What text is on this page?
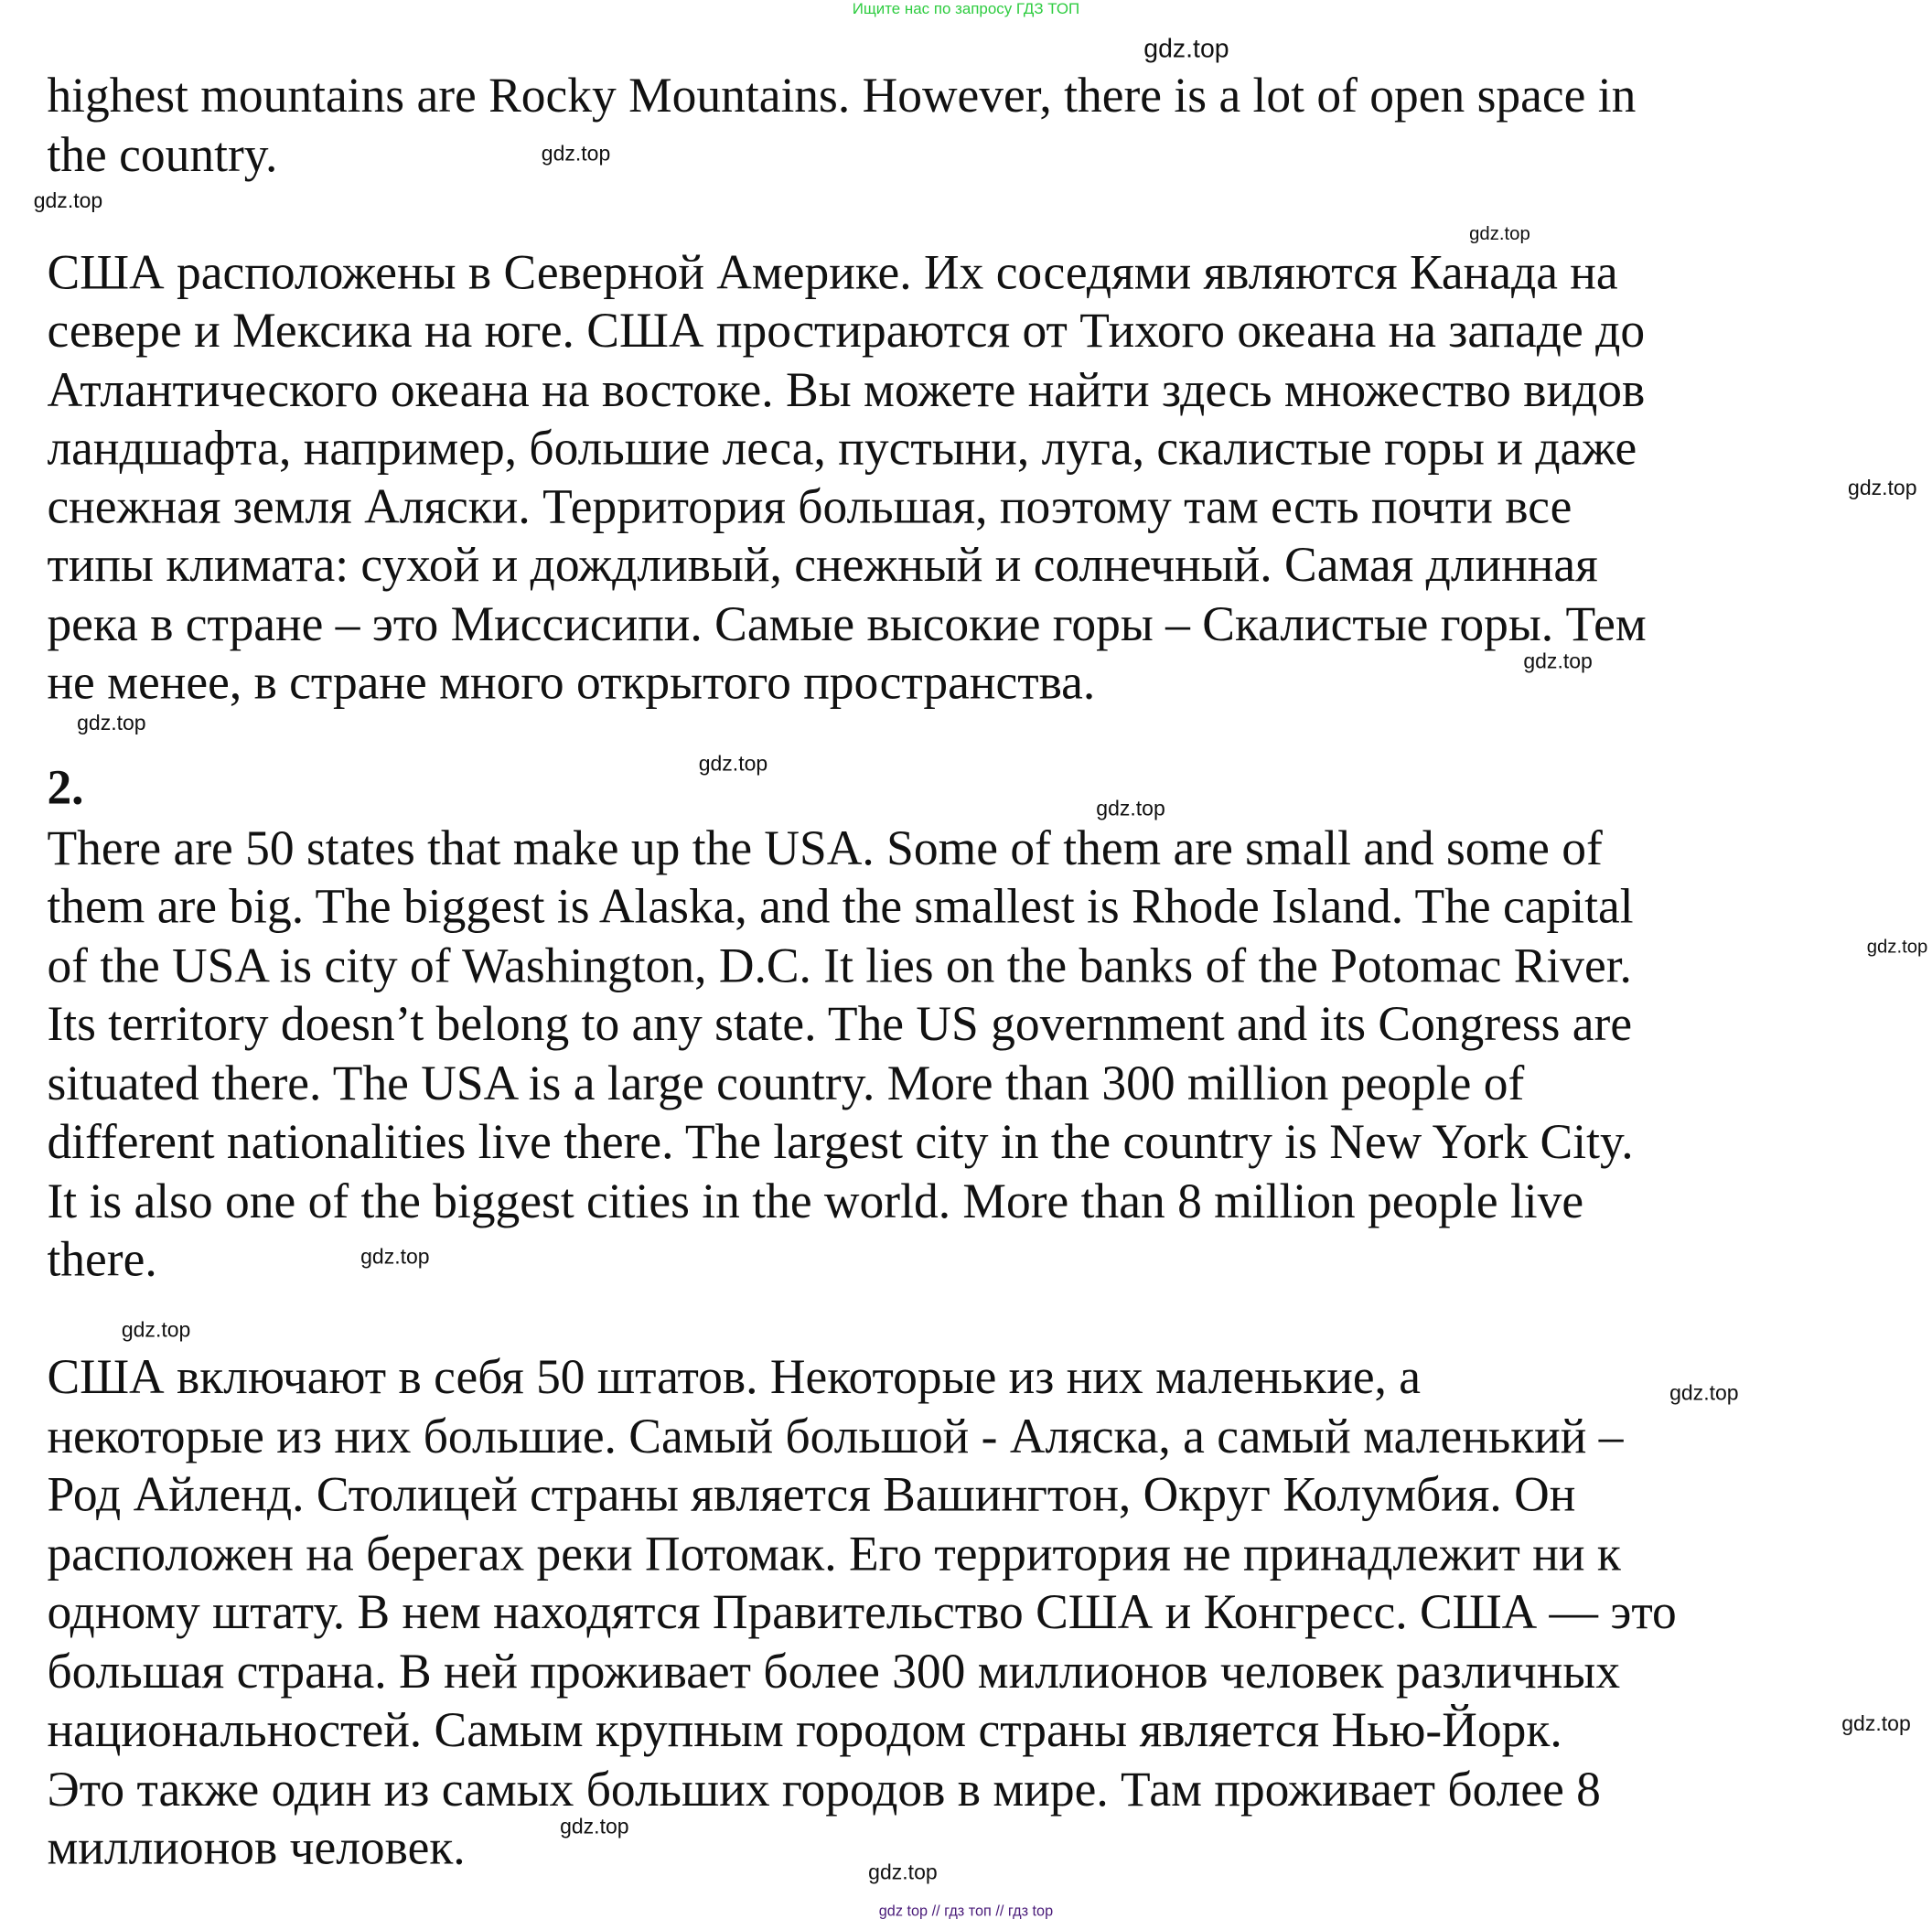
Ищите нас по запросу ГДЗ ТОП
highest mountains are Rocky Mountains. However, there is a lot of open space in
the country.
США расположены в Северной Америке. Их соседями являются Канада на
севере и Мексика на юге. США простираются от Тихого океана на западе до
Атлантического океана на востоке. Вы можете найти здесь множество видов
ландшафта, например, большие леса, пустыни, луга, скалистые горы и даже
снежная земля Аляски. Территория большая, поэтому там есть почти все
типы климата: сухой и дождливый, снежный и солнечный. Самая длинная
река в стране – это Миссисипи. Самые высокие горы – Скалистые горы. Тем
не менее, в стране много открытого пространства.
2.
There are 50 states that make up the USA. Some of them are small and some of
them are big. The biggest is Alaska, and the smallest is Rhode Island. The capital
of the USA is city of Washington, D.C. It lies on the banks of the Potomac River.
Its territory doesn’t belong to any state. The US government and its Congress are
situated there. The USA is a large country. More than 300 million people of
different nationalities live there. The largest city in the country is New York City.
It is also one of the biggest cities in the world. More than 8 million people live
there.
США включают в себя 50 штатов. Некоторые из них маленькие, а
некоторые из них большие. Самый большой - Аляска, а самый маленький –
Род Айленд. Столицей страны является Вашингтон, Округ Колумбия. Он
расположен на берегах реки Потомак. Его территория не принадлежит ни к
одному штату. В нем находятся Правительство США и Конгресс. США — это
большая страна. В ней проживает более 300 миллионов человек различных
национальностей. Самым крупным городом страны является Нью-Йорк.
Это также один из самых больших городов в мире. Там проживает более 8
миллионов человек.
gdz.top
gdz.top
gdz.top
gdz.top
gdz.top
gdz.top
gdz.top
gdz.top
gdz.top
gdz.top
gdz.top
gdz.top
gdz.top
gdz.top
gdz.top
gdz.top
gdz top // гдз топ // гдз top
